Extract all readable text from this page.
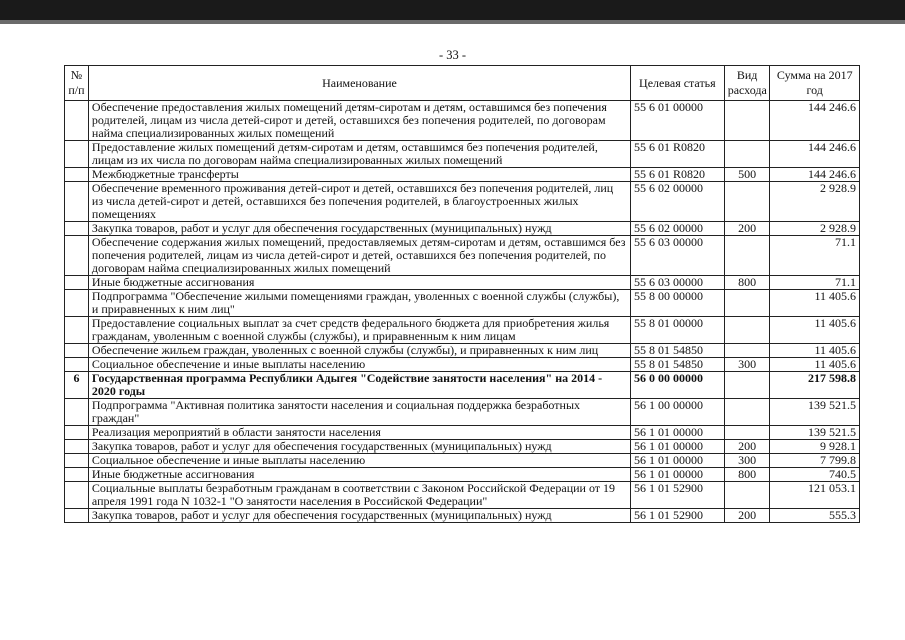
- 33 -
№ п/п	Наименование	Целевая статья	Вид расхода	Сумма на 2017 год
	Обеспечение предоставления жилых помещений детям-сиротам и детям, оставшимся без попечения родителей, лицам из числа детей-сирот и детей, оставшихся без попечения родителей, по договорам найма специализированных жилых помещений	55 6 01 00000		144 246.6
	Предоставление жилых помещений детям-сиротам и детям, оставшимся без попечения родителей, лицам из их числа по договорам найма специализированных жилых помещений	55 6 01 R0820		144 246.6
	Межбюджетные трансферты	55 6 01 R0820	500	144 246.6
	Обеспечение временного проживания детей-сирот и детей, оставшихся без попечения родителей, лиц из числа детей-сирот и детей, оставшихся без попечения родителей, в благоустроенных жилых помещениях	55 6 02 00000		2 928.9
	Закупка товаров, работ и услуг для обеспечения государственных (муниципальных) нужд	55 6 02 00000	200	2 928.9
	Обеспечение содержания жилых помещений, предоставляемых детям-сиротам и детям, оставшимся без попечения родителей, лицам из числа детей-сирот и детей, оставшихся без попечения родителей, по договорам найма специализированных жилых помещений	55 6 03 00000		71.1
	Иные бюджетные ассигнования	55 6 03 00000	800	71.1
	Подпрограмма "Обеспечение жилыми помещениями граждан, уволенных с военной службы (службы), и приравненных к ним лиц"	55 8 00 00000		11 405.6
	Предоставление социальных выплат за счет средств федерального бюджета для приобретения жилья гражданам, уволенным с военной службы (службы), и приравненным к ним лицам	55 8 01 00000		11 405.6
	Обеспечение жильем граждан, уволенных с военной службы (службы), и приравненных к ним лиц	55 8 01 54850		11 405.6
	Социальное обеспечение и иные выплаты населению	55 8 01 54850	300	11 405.6
6	Государственная программа Республики Адыгея "Содействие занятости населения" на 2014 - 2020 годы	56 0 00 00000		217 598.8
	Подпрограмма "Активная политика занятости населения и социальная поддержка безработных граждан"	56 1 00 00000		139 521.5
	Реализация мероприятий в области занятости населения	56 1 01 00000		139 521.5
	Закупка товаров, работ и услуг для обеспечения государственных (муниципальных) нужд	56 1 01 00000	200	9 928.1
	Социальное обеспечение и иные выплаты населению	56 1 01 00000	300	7 799.8
	Иные бюджетные ассигнования	56 1 01 00000	800	740.5
	Социальные выплаты безработным гражданам в соответствии с Законом Российской Федерации от 19 апреля 1991 года N 1032-1 "О занятости населения в Российской Федерации"	56 1 01 52900		121 053.1
	Закупка товаров, работ и услуг для обеспечения государственных (муниципальных) нужд	56 1 01 52900	200	555.3
